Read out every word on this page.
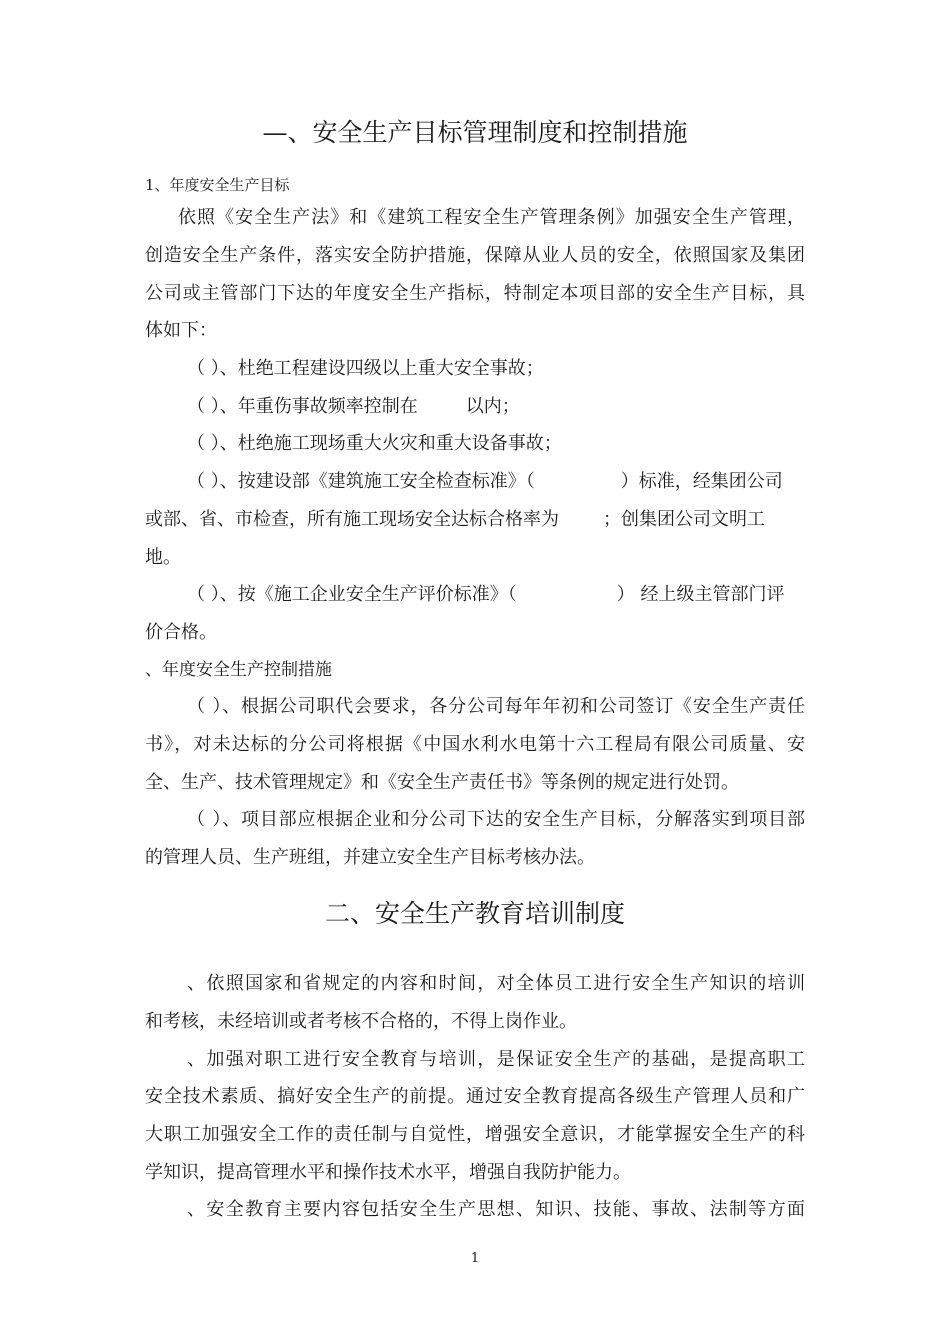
—、安全生产目标管理制度和控制措施
1、年度安全生产目标
依照《安全生产法》和《建筑工程安全生产管理条例》加强安全生产管理，
创造安全生产条件，落实安全防护措施，保障从业人员的安全，依照国家及集团
公司或主管部门下达的年度安全生产指标，特制定本项目部的安全生产目标，具
体如下：
（ ）、杜绝工程建设四级以上重大安全事故；
（ ）、年重伤事故频率控制在	以内；
（ ）、杜绝施工现场重大火灾和重大设备事故；
（ ）、按建设部《建筑施工安全检查标准》（	）标准，经集团公司
或部、省、市检查，所有施工现场安全达标合格率为 ；创集团公司文明工
地。
（ ）、按《施工企业安全生产评价标准》（	） 经上级主管部门评
价合格。
、年度安全生产控制措施
（ ）、根据公司职代会要求，各分公司每年年初和公司签订《安全生产责任
书》，对未达标的分公司将根据《中国水利水电第十六工程局有限公司质量、安
全、生产、技术管理规定》和《安全生产责任书》等条例的规定进行处罚。
（ ）、项目部应根据企业和分公司下达的安全生产目标，分解落实到项目部
的管理人员、生产班组，并建立安全生产目标考核办法。
二、安全生产教育培训制度
、依照国家和省规定的内容和时间，对全体员工进行安全生产知识的培训
和考核，未经培训或者考核不合格的，不得上岗作业。
、加强对职工进行安全教育与培训，是保证安全生产的基础，是提高职工
安全技术素质、搞好安全生产的前提。通过安全教育提高各级生产管理人员和广
大职工加强安全工作的责任制与自觉性，增强安全意识，才能掌握安全生产的科
学知识，提高管理水平和操作技术水平，增强自我防护能力。
、安全教育主要内容包括安全生产思想、知识、技能、事故、法制等方面
1
